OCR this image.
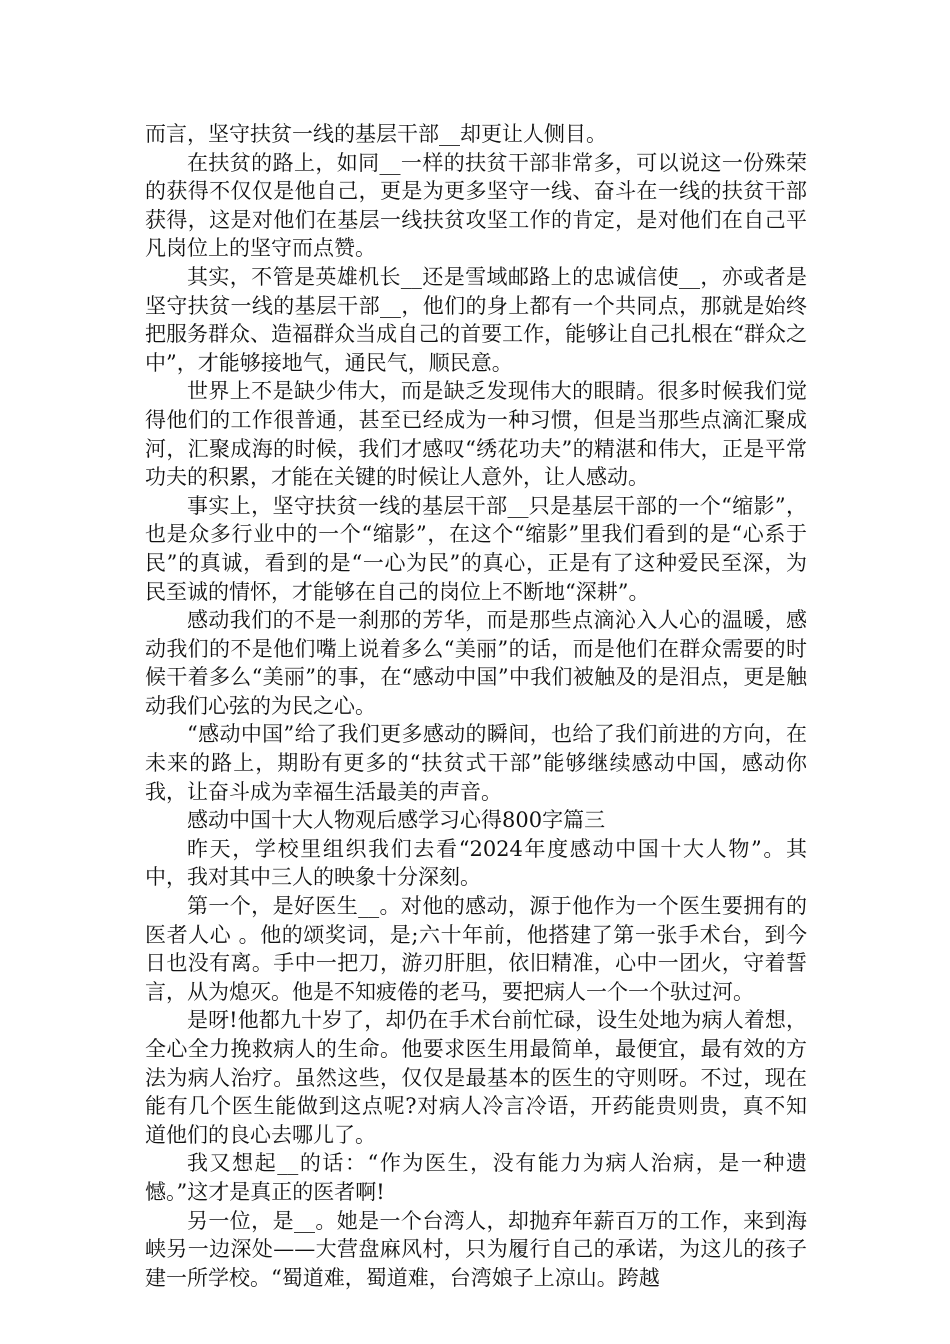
而言，坚守扶贫一线的基层干部__却更让人侧目。

在扶贫的路上，如同__一样的扶贫干部非常多，可以说这一份殊荣的获得不仅仅是他自己，更是为更多坚守一线、奋斗在一线的扶贫干部获得，这是对他们在基层一线扶贫攻坚工作的肯定，是对他们在自己平凡岗位上的坚守而点赞。

其实，不管是英雄机长__还是雪域邮路上的忠诚信使__，亦或者是坚守扶贫一线的基层干部__，他们的身上都有一个共同点，那就是始终把服务群众、造福群众当成自己的首要工作，能够让自己扎根在“群众之中”，才能够接地气，通民气，顺民意。

世界上不是缺少伟大，而是缺乏发现伟大的眼睛。很多时候我们觉得他们的工作很普通，甚至已经成为一种习惯，但是当那些点滴汇聚成河，汇聚成海的时候，我们才感叹“绣花功夫”的精湛和伟大，正是平常功夫的积累，才能在关键的时候让人意外，让人感动。

事实上，坚守扶贫一线的基层干部__只是基层干部的一个“缩影”，也是众多行业中的一个“缩影”，在这个“缩影”里我们看到的是“心系于民”的真诚，看到的是“一心为民”的真心，正是有了这种爱民至深，为民至诚的情怀，才能够在自己的岗位上不断地“深耕”。

感动我们的不是一刹那的芳华，而是那些点滴沁入人心的温暖，感动我们的不是他们嘴上说着多么“美丽”的话，而是他们在群众需要的时候干着多么“美丽”的事，在“感动中国”中我们被触及的是泪点，更是触动我们心弦的为民之心。

“感动中国”给了我们更多感动的瞬间，也给了我们前进的方向，在未来的路上，期盼有更多的“扶贫式干部”能够继续感动中国，感动你我，让奋斗成为幸福生活最美的声音。

感动中国十大人物观后感学习心得800字篇三

昨天，学校里组织我们去看“2024年度感动中国十大人物”。其中，我对其中三人的映象十分深刻。

第一个，是好医生__。对他的感动，源于他作为一个医生要拥有的 医者人心 。他的颂奖词，是;六十年前，他搭建了第一张手术台，到今日也没有离。手中一把刀，游刃肝胆，依旧精准，心中一团火，守着誓言，从为熄灭。他是不知疲倦的老马，要把病人一个一个驮过河。

是呀!他都九十岁了，却仍在手术台前忙碌，设生处地为病人着想，全心全力挽救病人的生命。他要求医生用最简单，最便宜，最有效的方法为病人治疗。虽然这些，仅仅是最基本的医生的守则呀。不过，现在能有几个医生能做到这点呢?对病人冷言冷语，开药能贵则贵，真不知道他们的良心去哪儿了。

我又想起__的话：“作为医生，没有能力为病人治病，是一种遗憾。”这才是真正的医者啊!

另一位，是__。她是一个台湾人，却抛弃年薪百万的工作，来到海峡另一边深处——大营盘麻风村，只为履行自己的承诺，为这儿的孩子建一所学校。“蜀道难，蜀道难，台湾娘子上凉山。跨越
